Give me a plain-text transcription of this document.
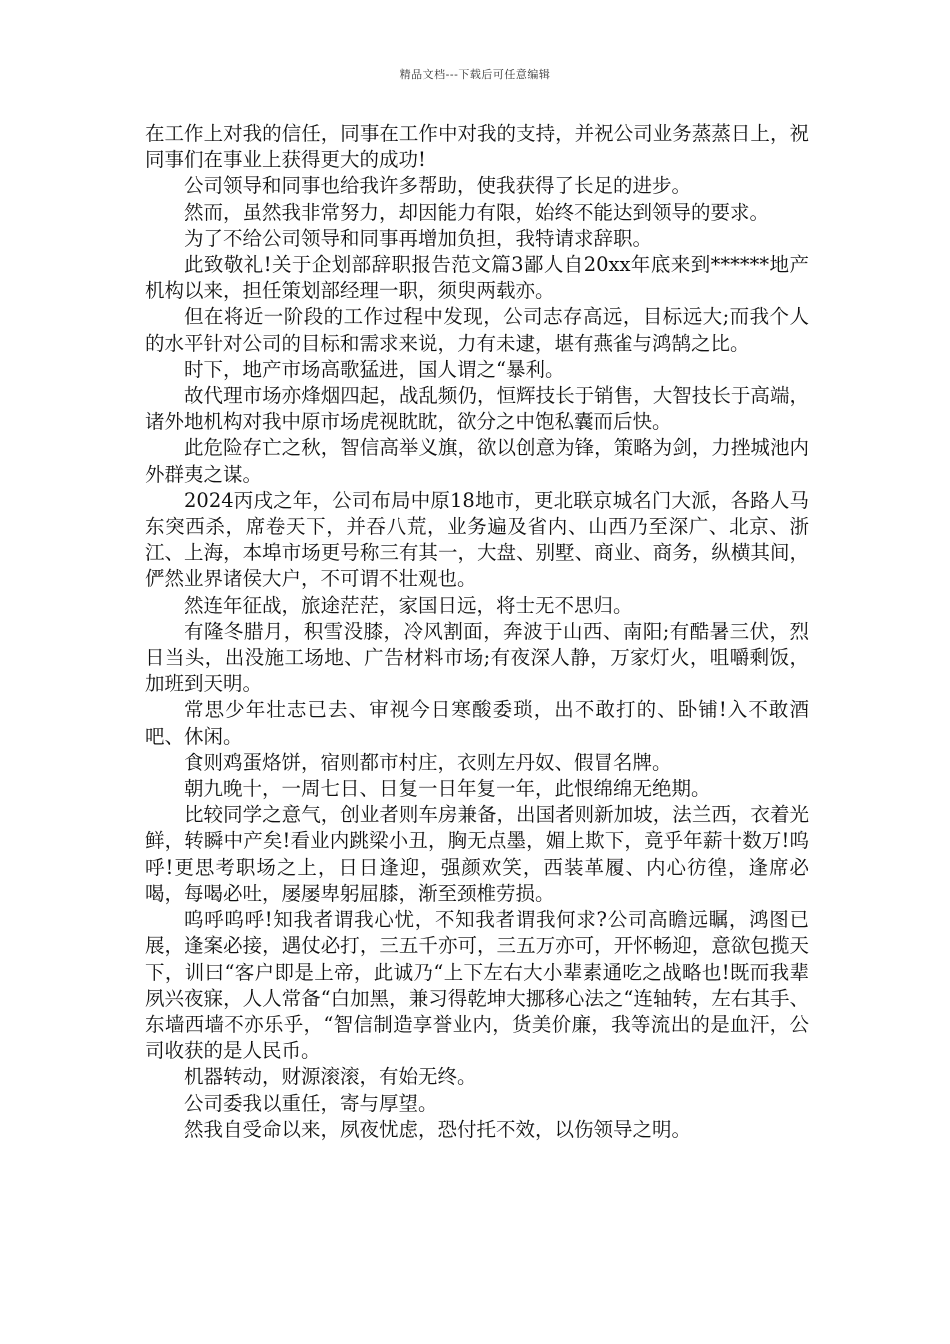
精品文档---下载后可任意编辑

在工作上对我的信任，同事在工作中对我的支持，并祝公司业务蒸蒸日上，祝同事们在事业上获得更大的成功!

公司领导和同事也给我许多帮助，使我获得了长足的进步。

然而，虽然我非常努力，却因能力有限，始终不能达到领导的要求。

为了不给公司领导和同事再增加负担，我特请求辞职。

此致敬礼!关于企划部辞职报告范文篇3鄙人自20xx年底来到******地产机构以来，担任策划部经理一职，须臾两载亦。

但在将近一阶段的工作过程中发现，公司志存高远，目标远大;而我个人的水平针对公司的目标和需求来说，力有未逮，堪有燕雀与鸿鹄之比。

时下，地产市场高歌猛进，国人谓之“暴利。

故代理市场亦烽烟四起，战乱频仍，恒辉技长于销售，大智技长于高端，诸外地机构对我中原市场虎视眈眈，欲分之中饱私囊而后快。

此危险存亡之秋，智信高举义旗，欲以创意为锋，策略为剑，力挫城池内外群夷之谋。

2024丙戌之年，公司布局中原18地市，更北联京城名门大派，各路人马东突西杀，席卷天下，并吞八荒，业务遍及省内、山西乃至深广、北京、浙江、上海，本埠市场更号称三有其一，大盘、别墅、商业、商务，纵横其间，俨然业界诸侯大户，不可谓不壮观也。

然连年征战，旅途茫茫，家国日远，将士无不思归。

有隆冬腊月，积雪没膝，冷风割面，奔波于山西、南阳;有酷暑三伏，烈日当头，出没施工场地、广告材料市场;有夜深人静，万家灯火，咀嚼剩饭，加班到天明。

常思少年壮志已去、审视今日寒酸委琐，出不敢打的、卧铺!入不敢酒吧、休闲。

食则鸡蛋烙饼，宿则都市村庄，衣则左丹奴、假冒名牌。

朝九晚十，一周七日、日复一日年复一年，此恨绵绵无绝期。

比较同学之意气，创业者则车房兼备，出国者则新加坡，法兰西，衣着光鲜，转瞬中产矣!看业内跳梁小丑，胸无点墨，媚上欺下，竟乎年薪十数万!呜呼!更思考职场之上，日日逢迎，强颜欢笑，西装革履、内心彷徨，逢席必喝，每喝必吐，屡屡卑躬屈膝，渐至颈椎劳损。

呜呼呜呼!知我者谓我心忧，不知我者谓我何求?公司高瞻远瞩，鸿图已展，逢案必接，遇仗必打，三五千亦可，三五万亦可，开怀畅迎，意欲包揽天下，训曰“客户即是上帝，此诚乃“上下左右大小辈素通吃之战略也!既而我辈夙兴夜寐，人人常备“白加黑，兼习得乾坤大挪移心法之“连轴转，左右其手、东墙西墙不亦乐乎，“智信制造享誉业内，货美价廉，我等流出的是血汗，公司收获的是人民币。

机器转动，财源滚滚，有始无终。

公司委我以重任，寄与厚望。

然我自受命以来，夙夜忧虑，恐付托不效，以伤领导之明。
